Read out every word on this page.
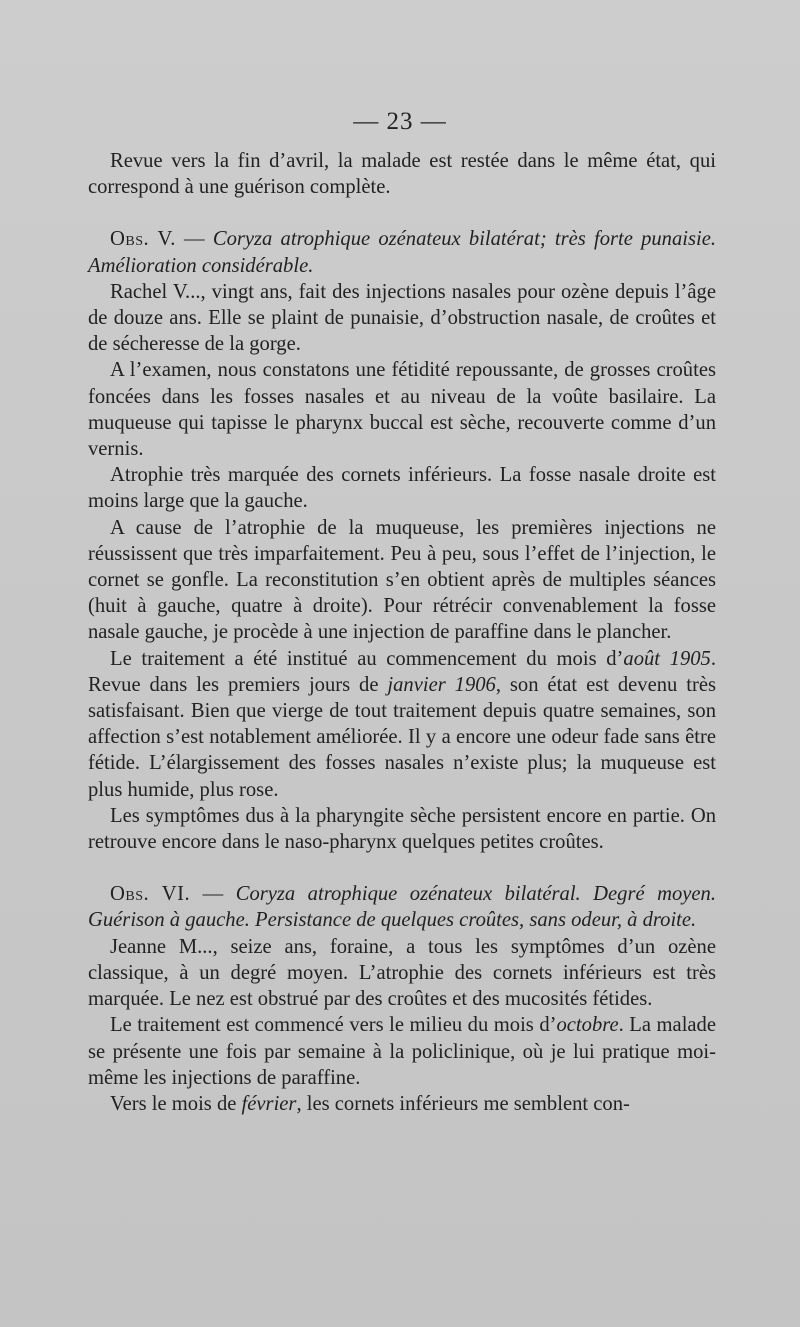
— 23 —

Revue vers la fin d’avril, la malade est restée dans le même état, qui correspond à une guérison complète.

Obs. V. — Coryza atrophique ozénateux bilatérat; très forte punaisie. Amélioration considérable.

Rachel V..., vingt ans, fait des injections nasales pour ozène depuis l’âge de douze ans. Elle se plaint de punaisie, d’obstruction nasale, de croûtes et de sécheresse de la gorge.

A l’examen, nous constatons une fétidité repoussante, de grosses croûtes foncées dans les fosses nasales et au niveau de la voûte basilaire. La muqueuse qui tapisse le pharynx buccal est sèche, recouverte comme d’un vernis.

Atrophie très marquée des cornets inférieurs. La fosse nasale droite est moins large que la gauche.

A cause de l’atrophie de la muqueuse, les premières injections ne réussissent que très imparfaitement. Peu à peu, sous l’effet de l’injection, le cornet se gonfle. La reconstitution s’en obtient après de multiples séances (huit à gauche, quatre à droite). Pour rétrécir convenablement la fosse nasale gauche, je procède à une injection de paraffine dans le plancher.

Le traitement a été institué au commencement du mois d’août 1905. Revue dans les premiers jours de janvier 1906, son état est devenu très satisfaisant. Bien que vierge de tout traitement depuis quatre semaines, son affection s’est notablement améliorée. Il y a encore une odeur fade sans être fétide. L’élargissement des fosses nasales n’existe plus; la muqueuse est plus humide, plus rose.

Les symptômes dus à la pharyngite sèche persistent encore en partie. On retrouve encore dans le naso-pharynx quelques petites croûtes.

Obs. VI. — Coryza atrophique ozénateux bilatéral. Degré moyen. Guérison à gauche. Persistance de quelques croûtes, sans odeur, à droite.

Jeanne M..., seize ans, foraine, a tous les symptômes d’un ozène classique, à un degré moyen. L’atrophie des cornets inférieurs est très marquée. Le nez est obstrué par des croûtes et des mucosités fétides.

Le traitement est commencé vers le milieu du mois d’octobre. La malade se présente une fois par semaine à la policlinique, où je lui pratique moi-même les injections de paraffine.

Vers le mois de février, les cornets inférieurs me semblent con-
